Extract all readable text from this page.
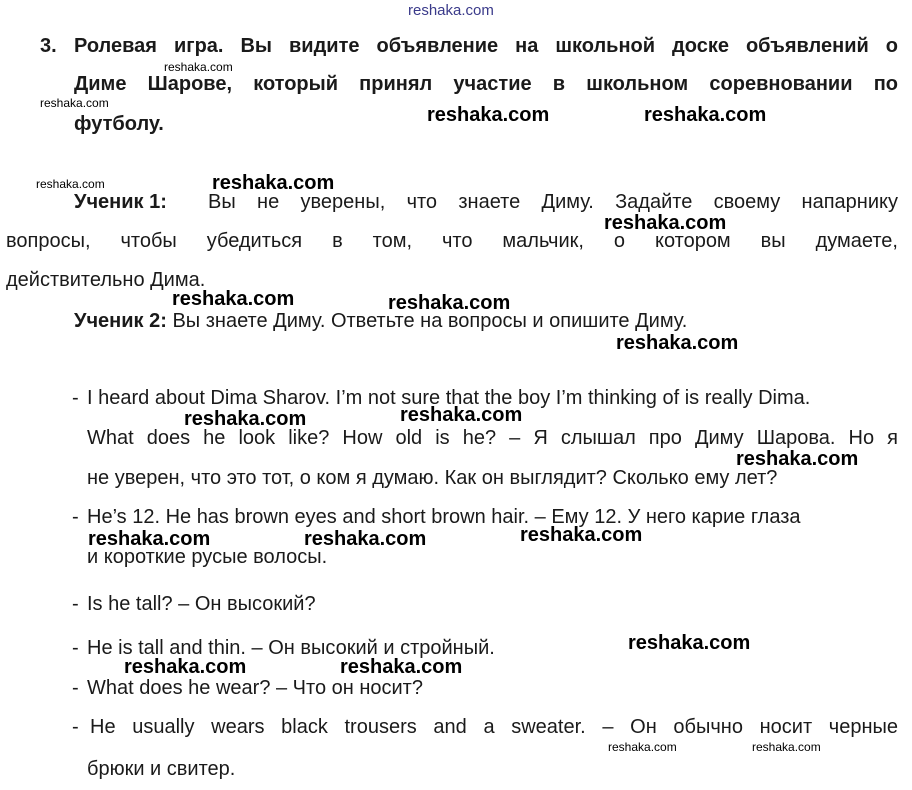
reshaka.com
3. Ролевая игра. Вы видите объявление на школьной доске объявлений о
Диме Шарове, который принял участие в школьном соревновании по
футболу.
Ученик 1: Вы не уверены, что знаете Диму. Задайте своему напарнику
вопросы, чтобы убедиться в том, что мальчик, о котором вы думаете,
действительно Дима.
Ученик 2: Вы знаете Диму. Ответьте на вопросы и опишите Диму.
- I heard about Dima Sharov. I’m not sure that the boy I’m thinking of is really Dima.
What does he look like? How old is he? – Я слышал про Диму Шарова. Но я
не уверен, что это тот, о ком я думаю. Как он выглядит? Сколько ему лет?
- He’s 12. He has brown eyes and short brown hair. – Ему 12. У него карие глаза
и короткие русые волосы.
- Is he tall? – Он высокий?
- He is tall and thin. – Он высокий и стройный.
- What does he wear? – Что он носит?
- He usually wears black trousers and a sweater. – Он обычно носит черные
брюки и свитер.
reshaka.com
reshaka.com
reshaka.com	reshaka.com
reshaka.com	reshaka.com
reshaka.com
reshaka.com	reshaka.com
reshaka.com
reshaka.com	reshaka.com
reshaka.com
reshaka.com	reshaka.com	reshaka.com
reshaka.com
reshaka.com	reshaka.com
reshaka.com	reshaka.com
